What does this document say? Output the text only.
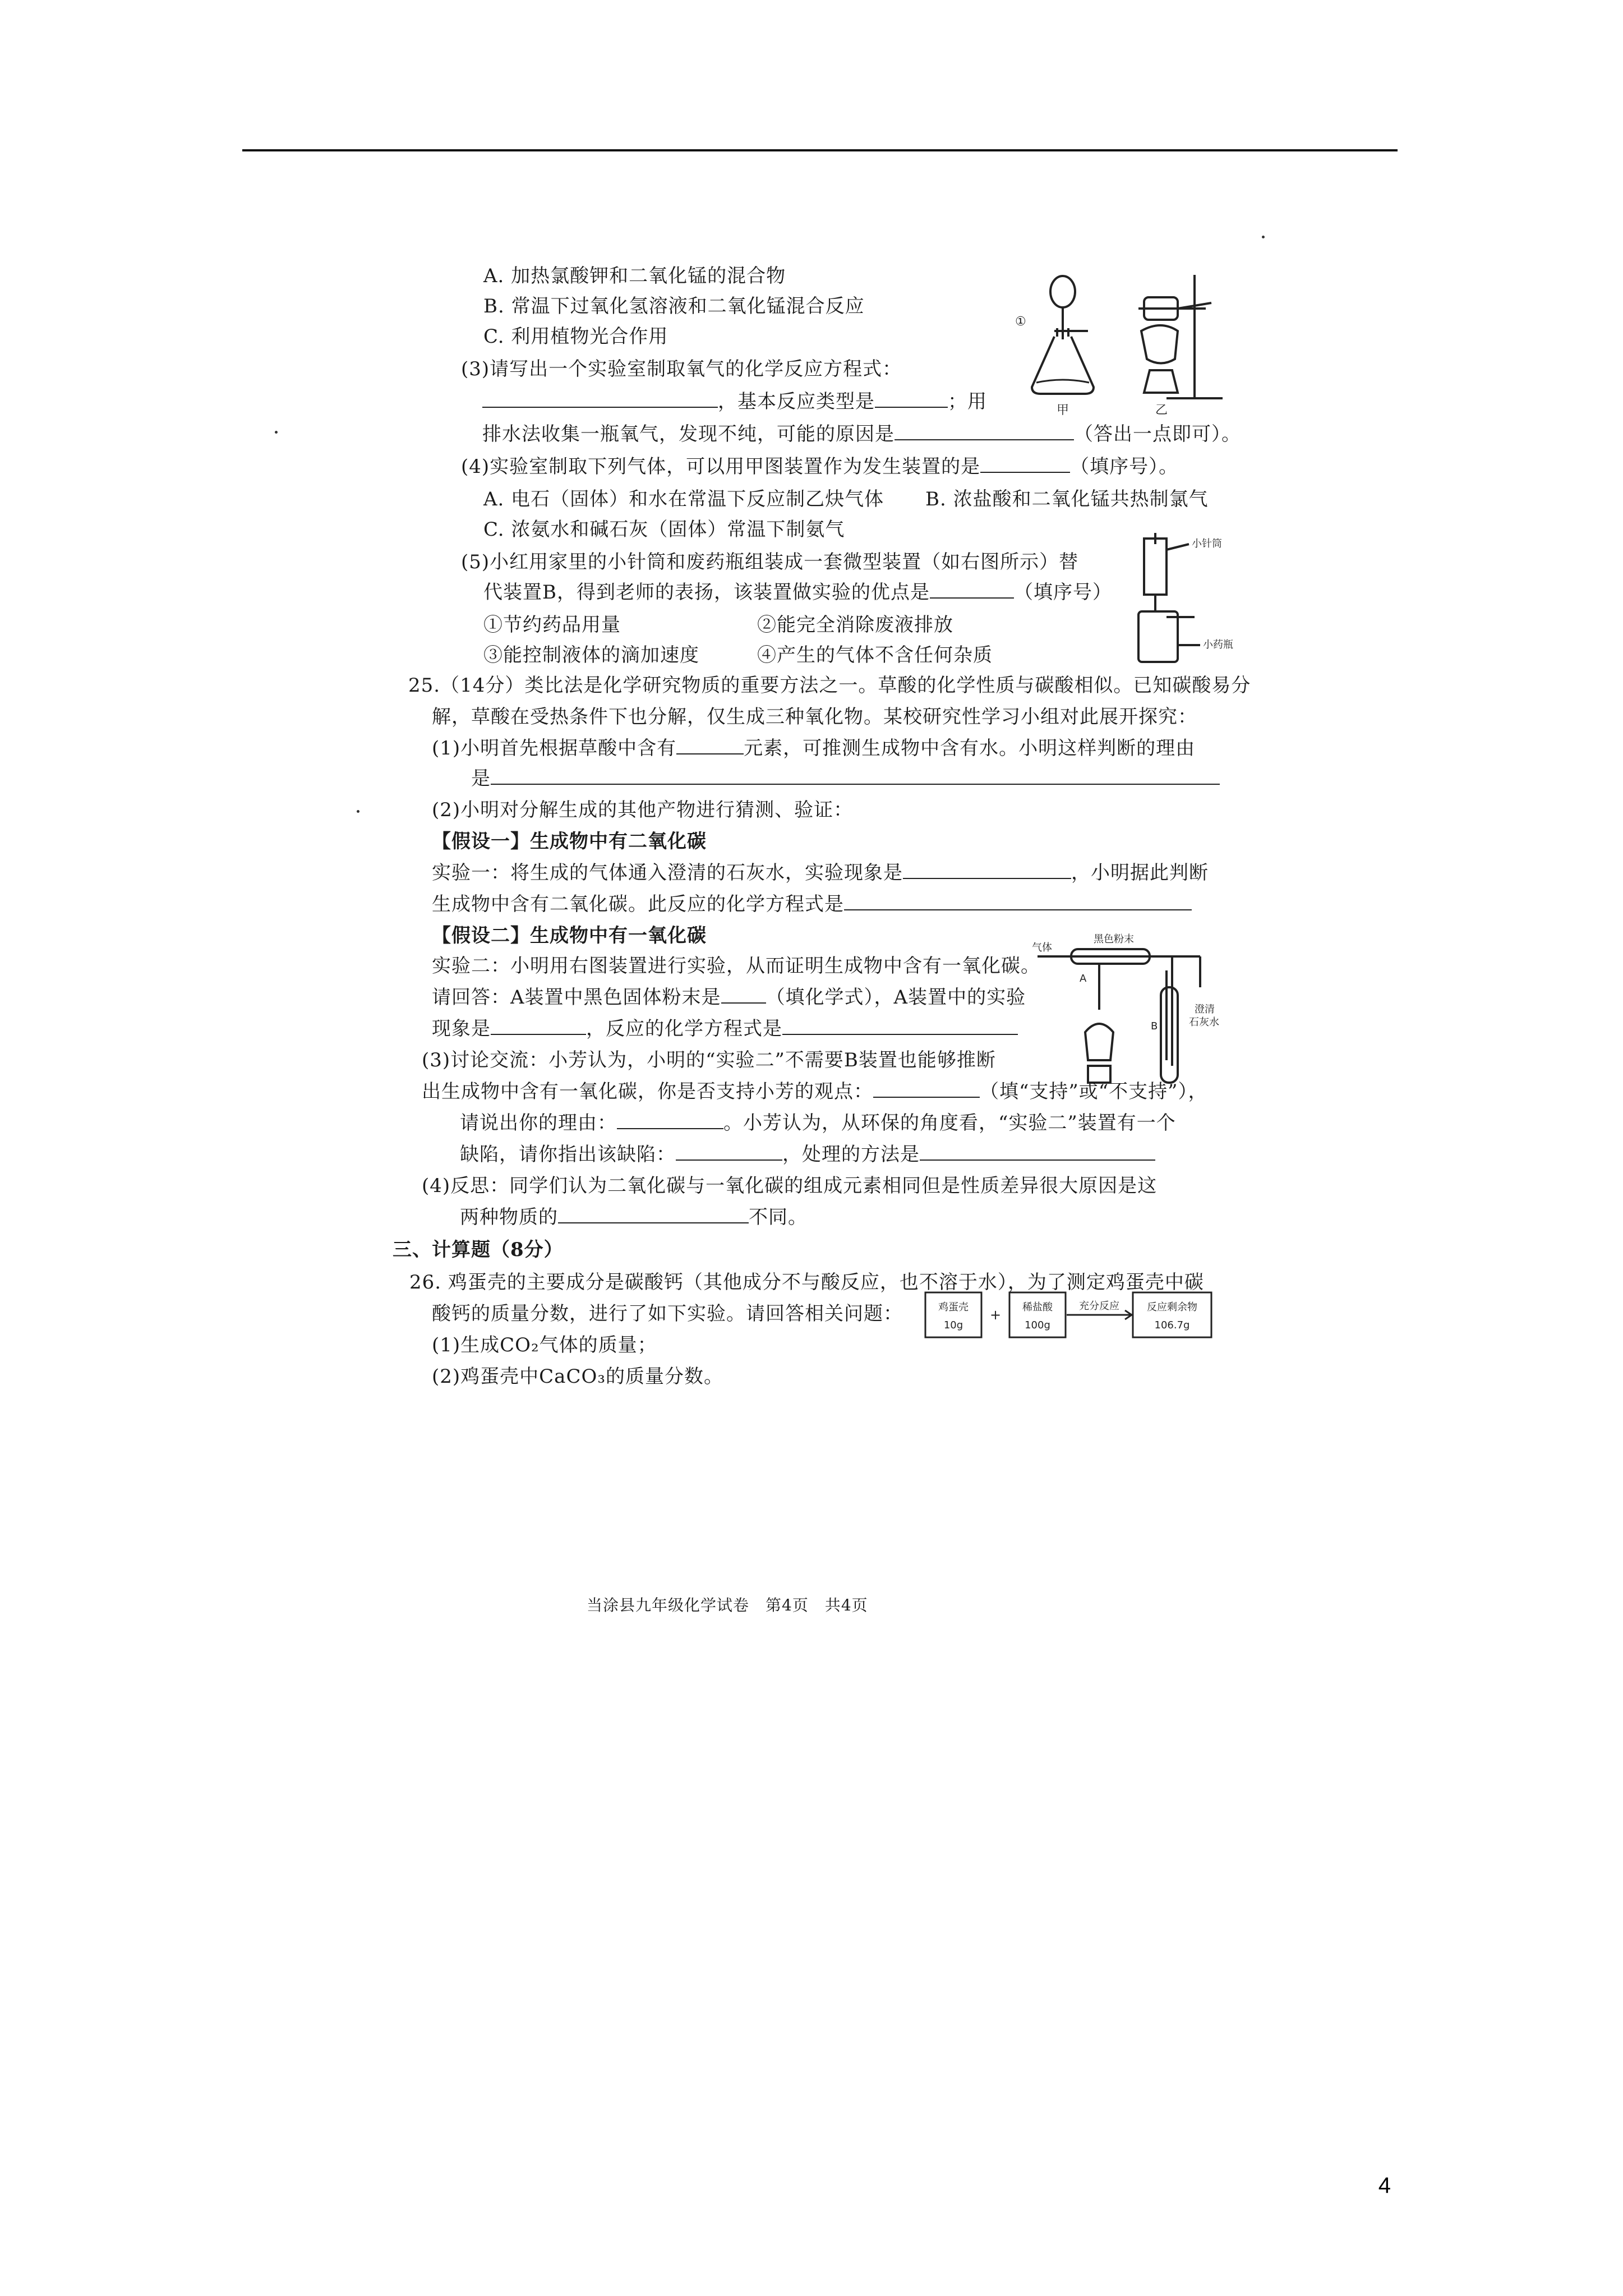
A. 加热氯酸钾和二氧化锰的混合物
B. 常温下过氧化氢溶液和二氧化锰混合反应
C. 利用植物光合作用
(3)请写出一个实验室制取氧气的化学反应方程式：
，基本反应类型是	；用
排水法收集一瓶氧气，发现不纯，可能的原因是	（答出一点即可）。
(4)实验室制取下列气体，可以用甲图装置作为发生装置的是	（填序号）。
A. 电石（固体）和水在常温下反应制乙炔气体 B. 浓盐酸和二氧化锰共热制氯气
C. 浓氨水和碱石灰（固体）常温下制氨气
(5)小红用家里的小针筒和废药瓶组装成一套微型装置（如右图所示）替
代装置B，得到老师的表扬，该装置做实验的优点是	（填序号）
①节约药品用量	②能完全消除废液排放
③能控制液体的滴加速度	④产生的气体不含任何杂质
25.（14分）类比法是化学研究物质的重要方法之一。草酸的化学性质与碳酸相似。已知碳酸易分
解，草酸在受热条件下也分解，仅生成三种氧化物。某校研究性学习小组对此展开探究：
(1)小明首先根据草酸中含有	元素，可推测生成物中含有水。小明这样判断的理由
是
(2)小明对分解生成的其他产物进行猜测、验证：
【假设一】生成物中有二氧化碳
实验一：将生成的气体通入澄清的石灰水，实验现象是	，小明据此判断
生成物中含有二氧化碳。此反应的化学方程式是
【假设二】生成物中有一氧化碳
实验二：小明用右图装置进行实验，从而证明生成物中含有一氧化碳。
请回答：A装置中黑色固体粉末是 （填化学式），A装置中的实验
现象是	，反应的化学方程式是
(3)讨论交流：小芳认为，小明的“实验二”不需要B装置也能够推断
出生成物中含有一氧化碳，你是否支持小芳的观点：	（填“支持”或“不支持”），
请说出你的理由：	。小芳认为，从环保的角度看，“实验二”装置有一个
缺陷，请你指出该缺陷：	，处理的方法是
(4)反思：同学们认为二氧化碳与一氧化碳的组成元素相同但是性质差异很大原因是这
两种物质的	不同。
三、计算题（8分）
26. 鸡蛋壳的主要成分是碳酸钙（其他成分不与酸反应，也不溶于水），为了测定鸡蛋壳中碳
酸钙的质量分数，进行了如下实验。请回答相关问题：
(1)生成CO₂气体的质量；
(2)鸡蛋壳中CaCO₃的质量分数。
①
甲	乙
小针筒
小药瓶
黑色粉末
气体
A
B
澄清
石灰水
鸡蛋壳
10g
+ 稀盐酸
100g
充分反应	反应剩余物
106.7g
当涂县九年级化学试卷　第4页　共4页
4
